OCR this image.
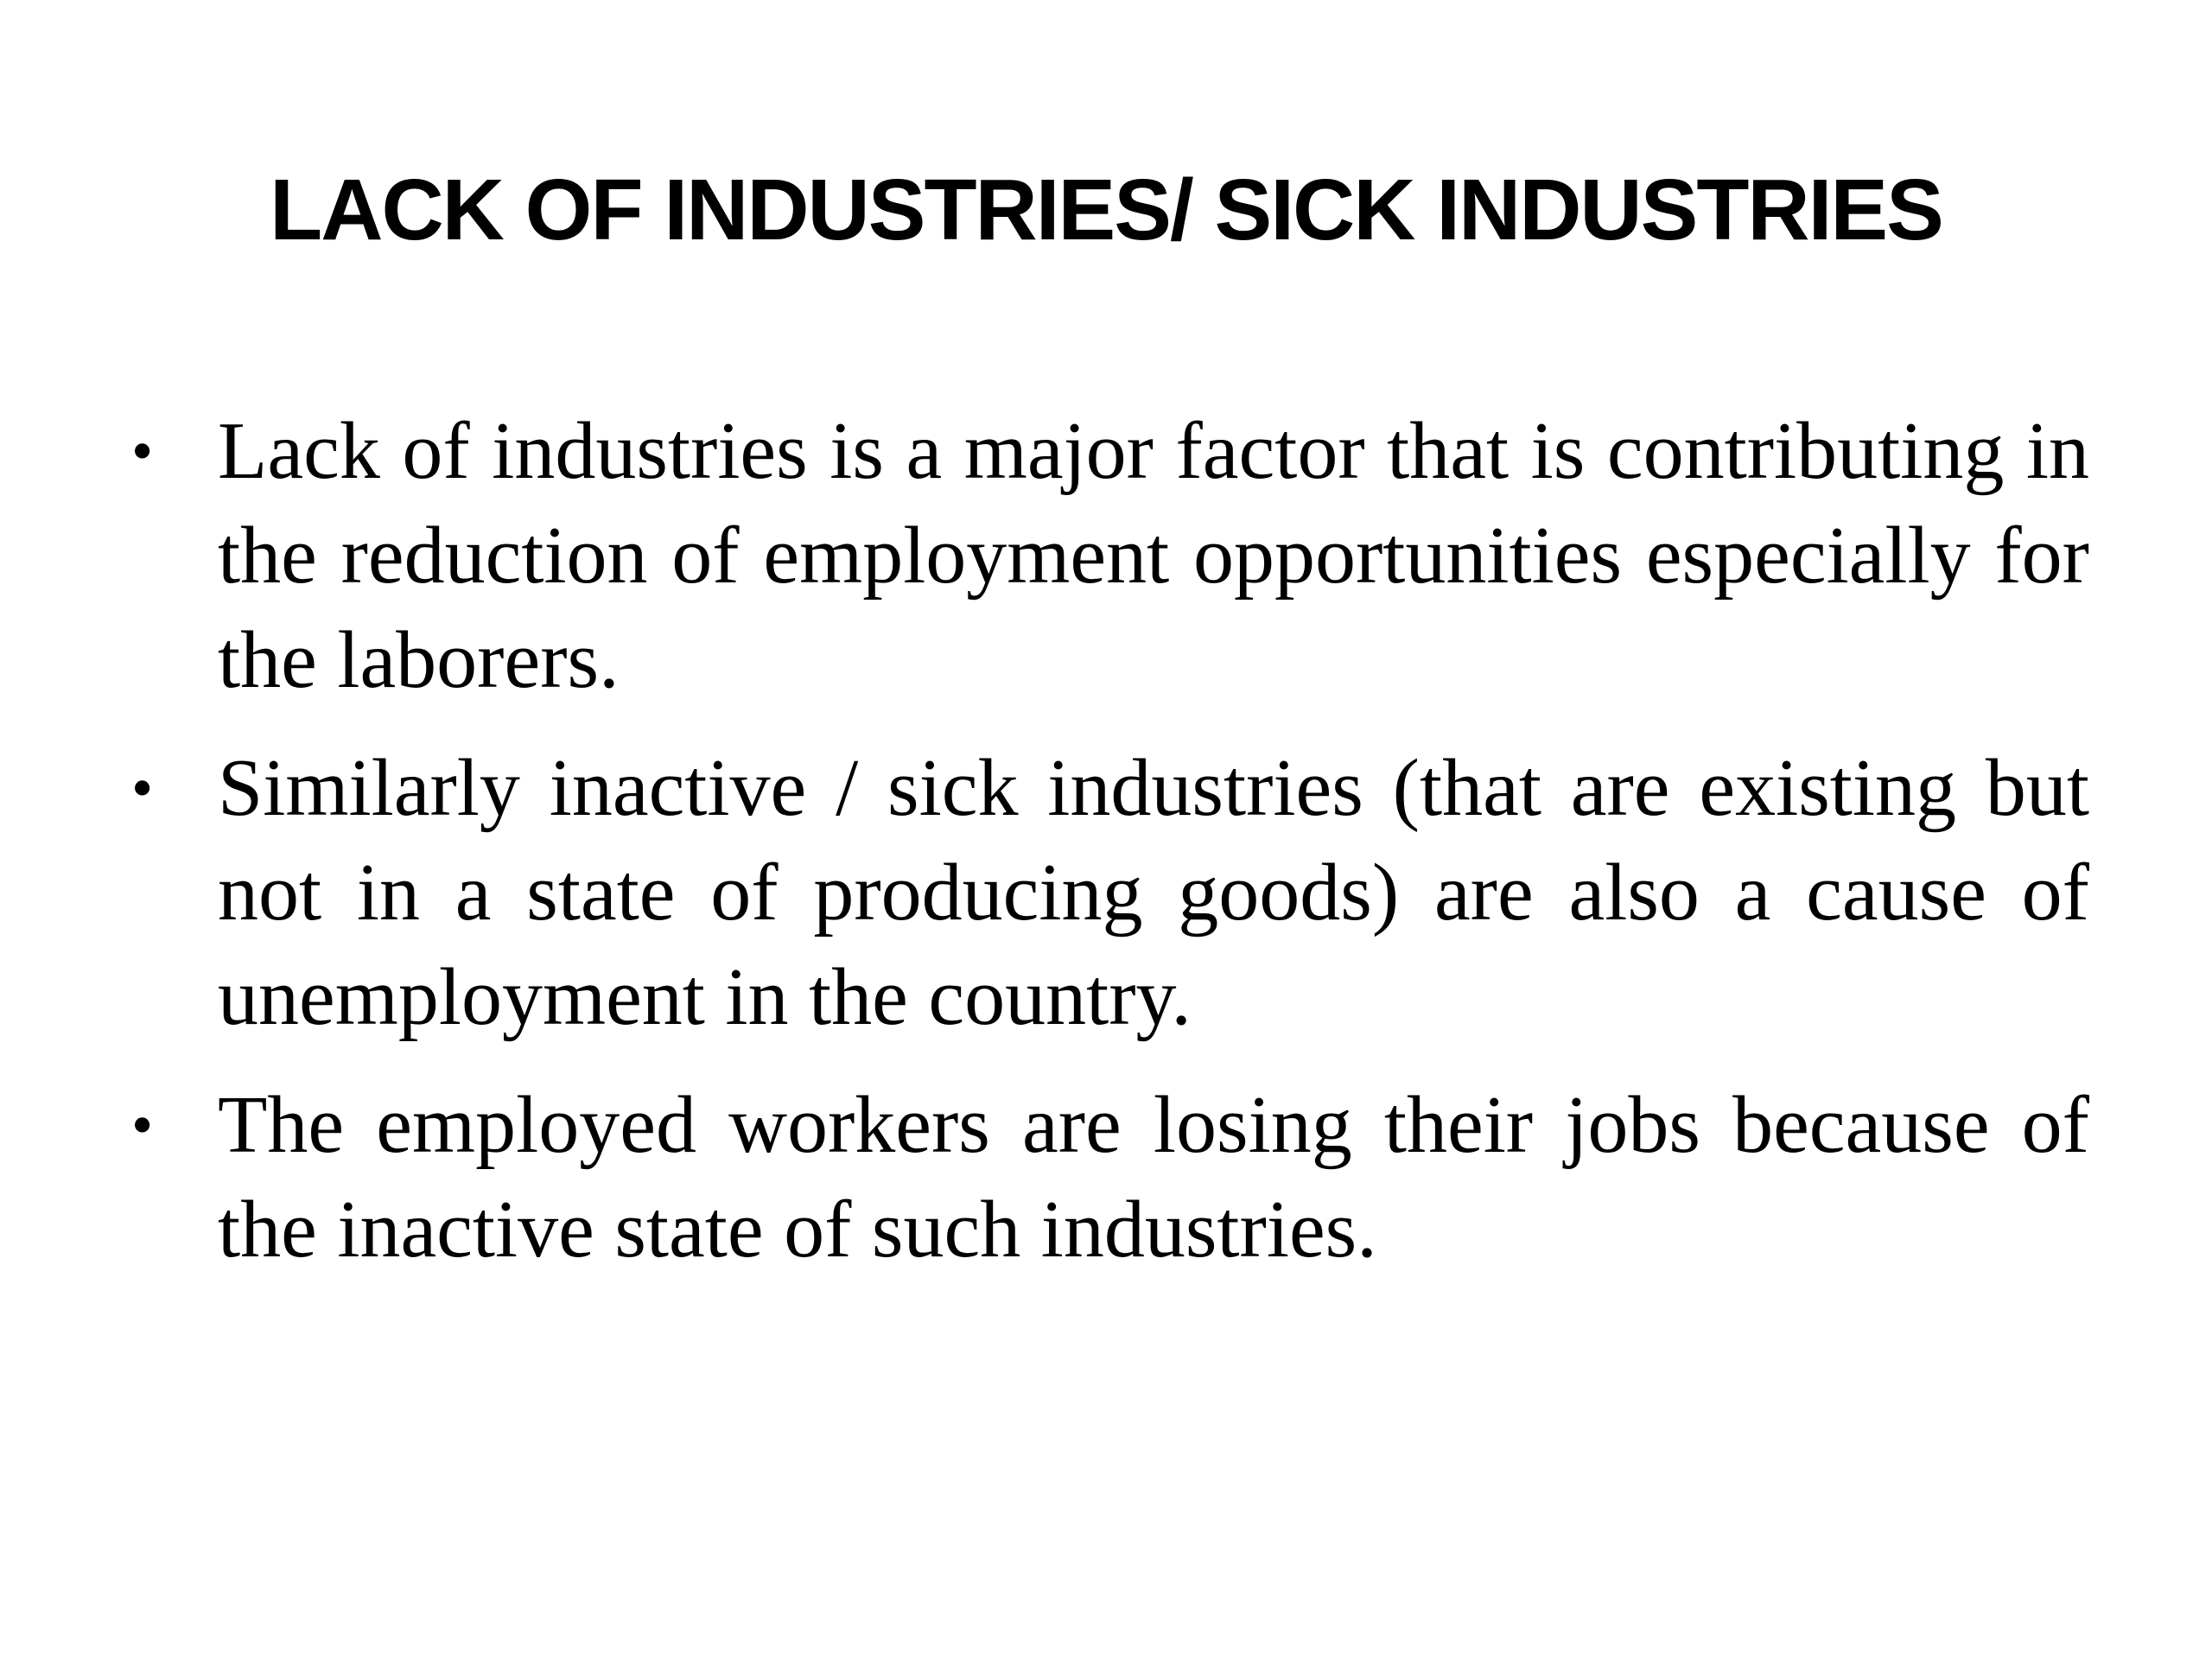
LACK OF INDUSTRIES/ SICK INDUSTRIES
• Lack of industries is a major factor that is contributing in the reduction of employment opportunities especially for the laborers.
• Similarly inactive / sick industries (that are existing but not in a state of producing goods) are also a cause of unemployment in the country.
• The employed workers are losing their jobs because of the inactive state of such industries.
